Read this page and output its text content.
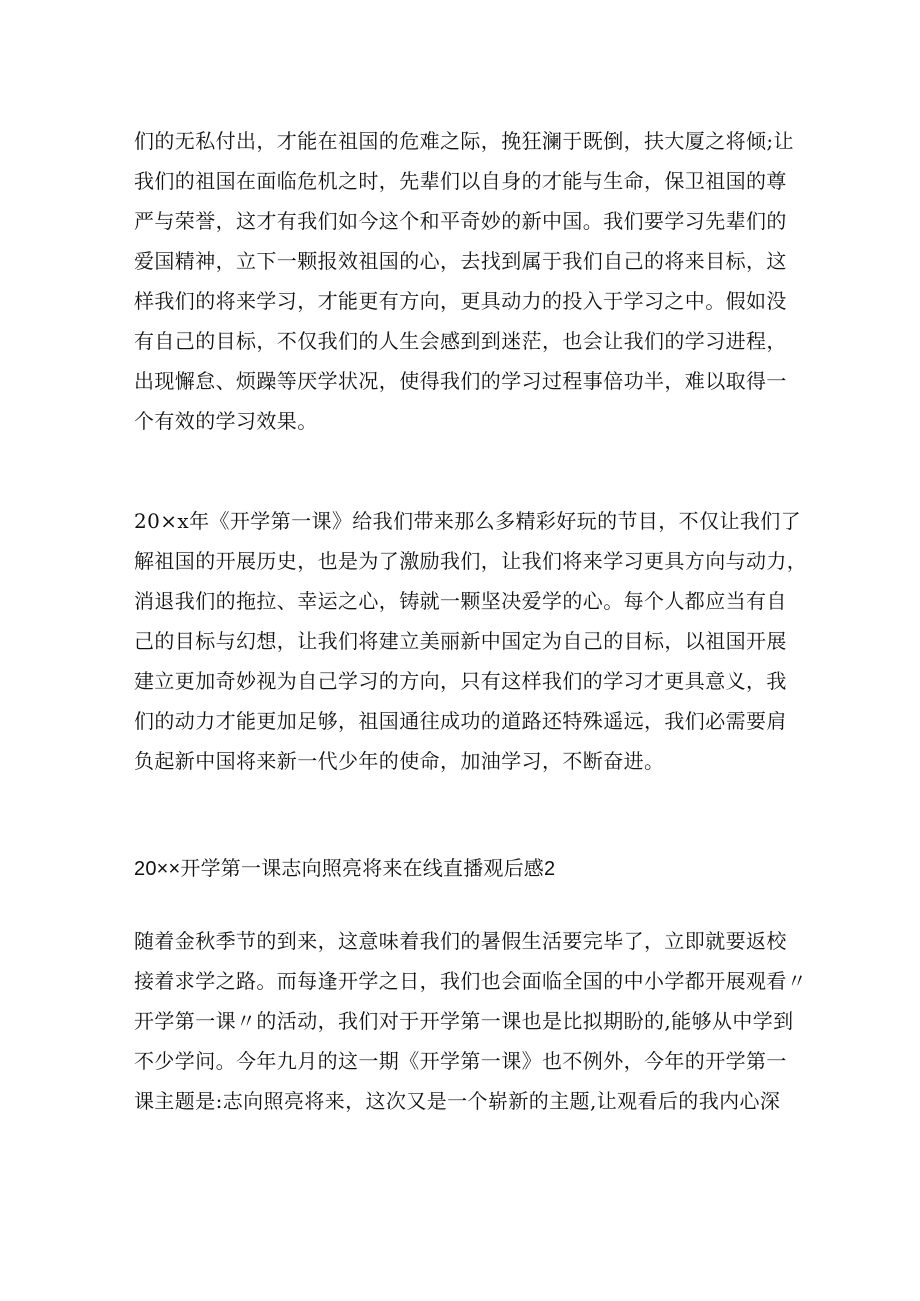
们的无私付出，才能在祖国的危难之际，挽狂澜于既倒，扶大厦之将倾;让
我们的祖国在面临危机之时，先辈们以自身的才能与生命，保卫祖国的尊
严与荣誉，这才有我们如今这个和平奇妙的新中国。我们要学习先辈们的
爱国精神，立下一颗报效祖国的心，去找到属于我们自己的将来目标，这
样我们的将来学习，才能更有方向，更具动力的投入于学习之中。假如没
有自己的目标，不仅我们的人生会感到到迷茫，也会让我们的学习进程，
出现懈怠、烦躁等厌学状况，使得我们的学习过程事倍功半，难以取得一
个有效的学习效果。
20×x年《开学第一课》给我们带来那么多精彩好玩的节目，不仅让我们了
解祖国的开展历史，也是为了激励我们，让我们将来学习更具方向与动力，
消退我们的拖拉、幸运之心，铸就一颗坚决爱学的心。每个人都应当有自
己的目标与幻想，让我们将建立美丽新中国定为自己的目标，以祖国开展
建立更加奇妙视为自己学习的方向，只有这样我们的学习才更具意义，我
们的动力才能更加足够，祖国通往成功的道路还特殊遥远，我们必需要肩
负起新中国将来新一代少年的使命，加油学习，不断奋进。
20××开学第一课志向照亮将来在线直播观后感2
随着金秋季节的到来，这意味着我们的暑假生活要完毕了，立即就要返校
接着求学之路。而每逢开学之日，我们也会面临全国的中小学都开展观看〃
开学第一课〃的活动，我们对于开学第一课也是比拟期盼的,能够从中学到
不少学问。今年九月的这一期《开学第一课》也不例外，今年的开学第一
课主题是:志向照亮将来，这次又是一个崭新的主题,让观看后的我内心深
